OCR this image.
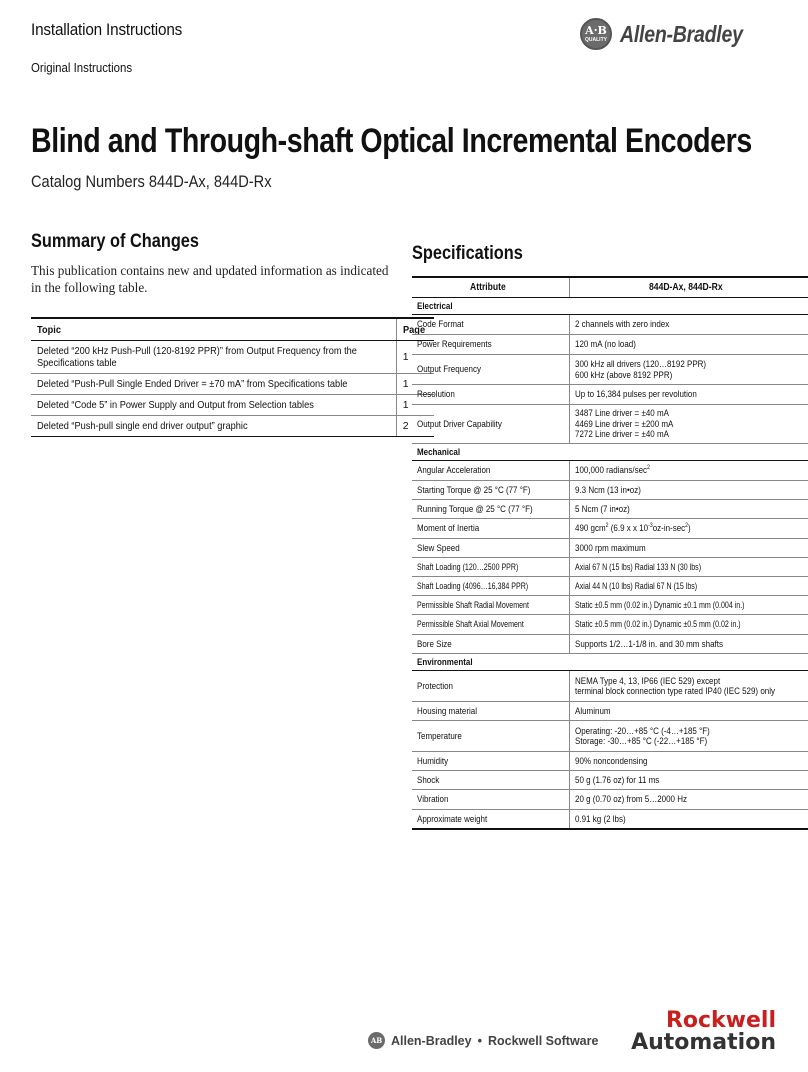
Installation Instructions
Original Instructions
A·B
QUALITY Allen-Bradley
Blind and Through-shaft Optical Incremental Encoders
Catalog Numbers 844D-Ax, 844D-Rx
Summary of Changes
This publication contains new and updated information as indicated in the following table.
Topic	Page

Deleted “200 kHz Push-Pull (120-8192 PPR)” from Output Frequency from the Specifications table	1
Deleted “Push-Pull Single Ended Driver = ±70 mA” from Specifications table	1
Deleted “Code 5” in Power Supply and Output from Selection tables	1
Deleted “Push-pull single end driver output” graphic	2
Specifications
Attribute	844D-Ax, 844D-Rx
Electrical	
Code Format	2 channels with zero index
Power Requirements	120 mA (no load)
Output Frequency	300 kHz all drivers (120…8192 PPR)
600 kHz (above 8192 PPR)
Resolution	Up to 16,384 pulses per revolution
Output Driver Capability	3487 Line driver = ±40 mA
4469 Line driver = ±200 mA
7272 Line driver = ±40 mA
Mechanical	
Angular Acceleration	100,000 radians/$\sec^2$
Starting Torque @ 25 °C (77 °F)	9.3 Ncm (13 in•oz)
Running Torque @ 25 °C (77 °F)	5 Ncm (7 in•oz)
Moment of Inertia	490 gcm$^2$ (6.9 x x $10^{-3}oz-in-\sec^2$)
Slew Speed	3000 rpm maximum
Shaft Loading (120…2500 PPR)	Axial 67 N (15 lbs) Radial 133 N (30 lbs)
Shaft Loading (4096…16,384 PPR)	Axial 44 N (10 lbs) Radial 67 N (15 lbs)
Permissible Shaft Radial Movement	Static ±0.5 mm (0.02 in.) Dynamic ±0.1 mm (0.004 in.)
Permissible Shaft Axial Movement	Static ±0.5 mm (0.02 in.) Dynamic ±0.5 mm (0.02 in.)
Bore Size	Supports 1/2…1-1/8 in. and 30 mm shafts
Environmental	
Protection	NEMA Type 4, 13, IP66 (IEC 529) except
terminal block connection type rated IP40 (IEC 529) only
Housing material	Aluminum
Temperature	Operating: -20…+85 °C (-4…+185 °F)
Storage: -30…+85 °C (-22…+185 °F)
Humidity	90% noncondensing
Shock	50 g (1.76 oz) for 11 ms
Vibration	20 g (0.70 oz) from 5…2000 Hz
Approximate weight	0.91 kg (2 lbs)
AB Allen-Bradley • Rockwell Software
Rockwell
Automation
